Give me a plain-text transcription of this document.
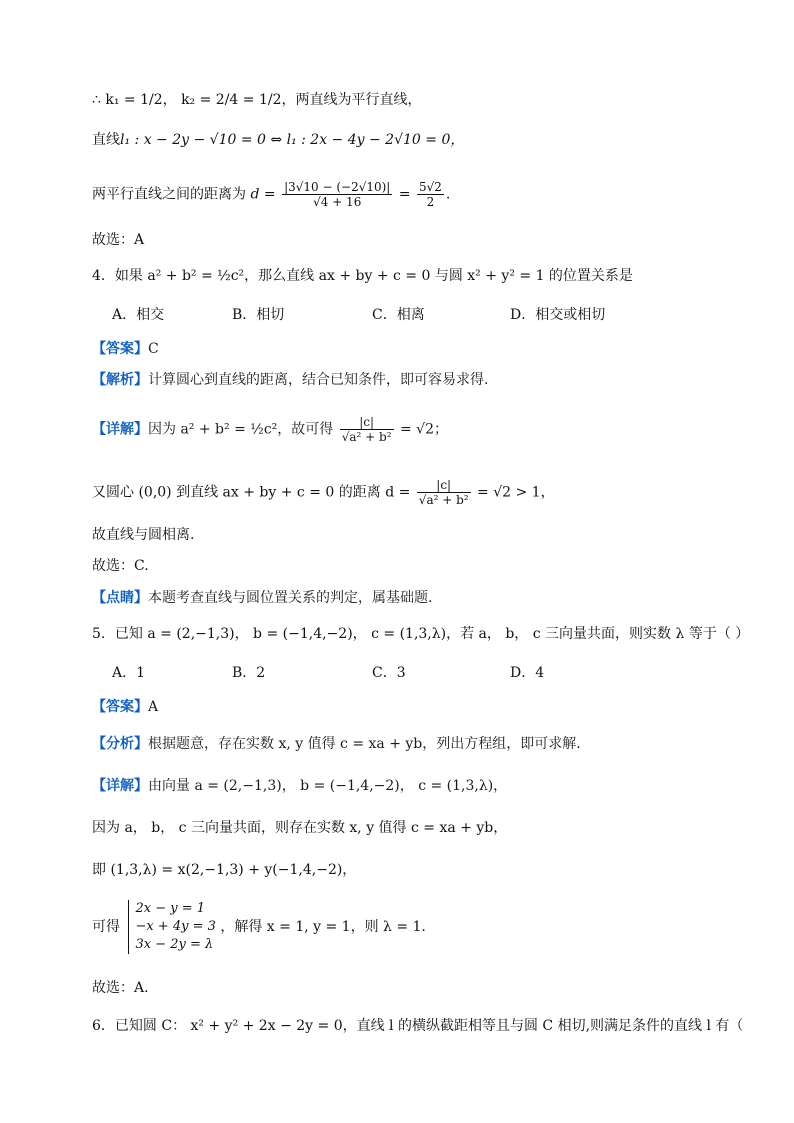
∴ k₁ = 1/2， k₂ = 2/4 = 1/2，两直线为平行直线，
直线l₁ : x − 2y − √10 = 0 ⇔ l₁ : 2x − 4y − 2√10 = 0，
两平行直线之间的距离为 $d = \frac{|3√10 - (-2√10)|}{√4 + 16} = \frac{5√2}{2}$ .
故选：A
4．如果 a² + b² = ½c²，那么直线 ax + by + c = 0 与圆 x² + y² = 1 的位置关系是
A．相交	B．相切	C．相离	D．相交或相切
【答案】C
【解析】计算圆心到直线的距离，结合已知条件，即可容易求得.
【详解】因为 a² + b² = ½c²，故可得 $\frac{|c|}{\text{√a² + b²}} = √2$；
又圆心 (0,0) 到直线 ax + by + c = 0 的距离 $d = \frac{|c|}{\text{√a² + b²}} = √2 > 1$，
故直线与圆相离.
故选：C.
【点睛】本题考查直线与圆位置关系的判定，属基础题.
5．已知 a = (2,−1,3)， b = (−1,4,−2)， c = (1,3,λ)，若 a， b， c 三向量共面，则实数 λ 等于（ ）
A．1	B．2	C．3	D．4
【答案】A
【分析】根据题意，存在实数 x, y 值得 c = xa + yb，列出方程组，即可求解.
【详解】由向量 a = (2,−1,3)， b = (−1,4,−2)， c = (1,3,λ)，
因为 a， b， c 三向量共面，则存在实数 x, y 值得 c = xa + yb，
即 (1,3,λ) = x(2,−1,3) + y(−1,4,−2)，
可得
2x − y = 1
−x + 4y = 3
3x − 2y = λ
，解得 x = 1, y = 1，则 λ = 1.
故选：A.
6．已知圆 C： x² + y² + 2x − 2y = 0，直线 l 的横纵截距相等且与圆 C 相切,则满足条件的直线 l 有（
